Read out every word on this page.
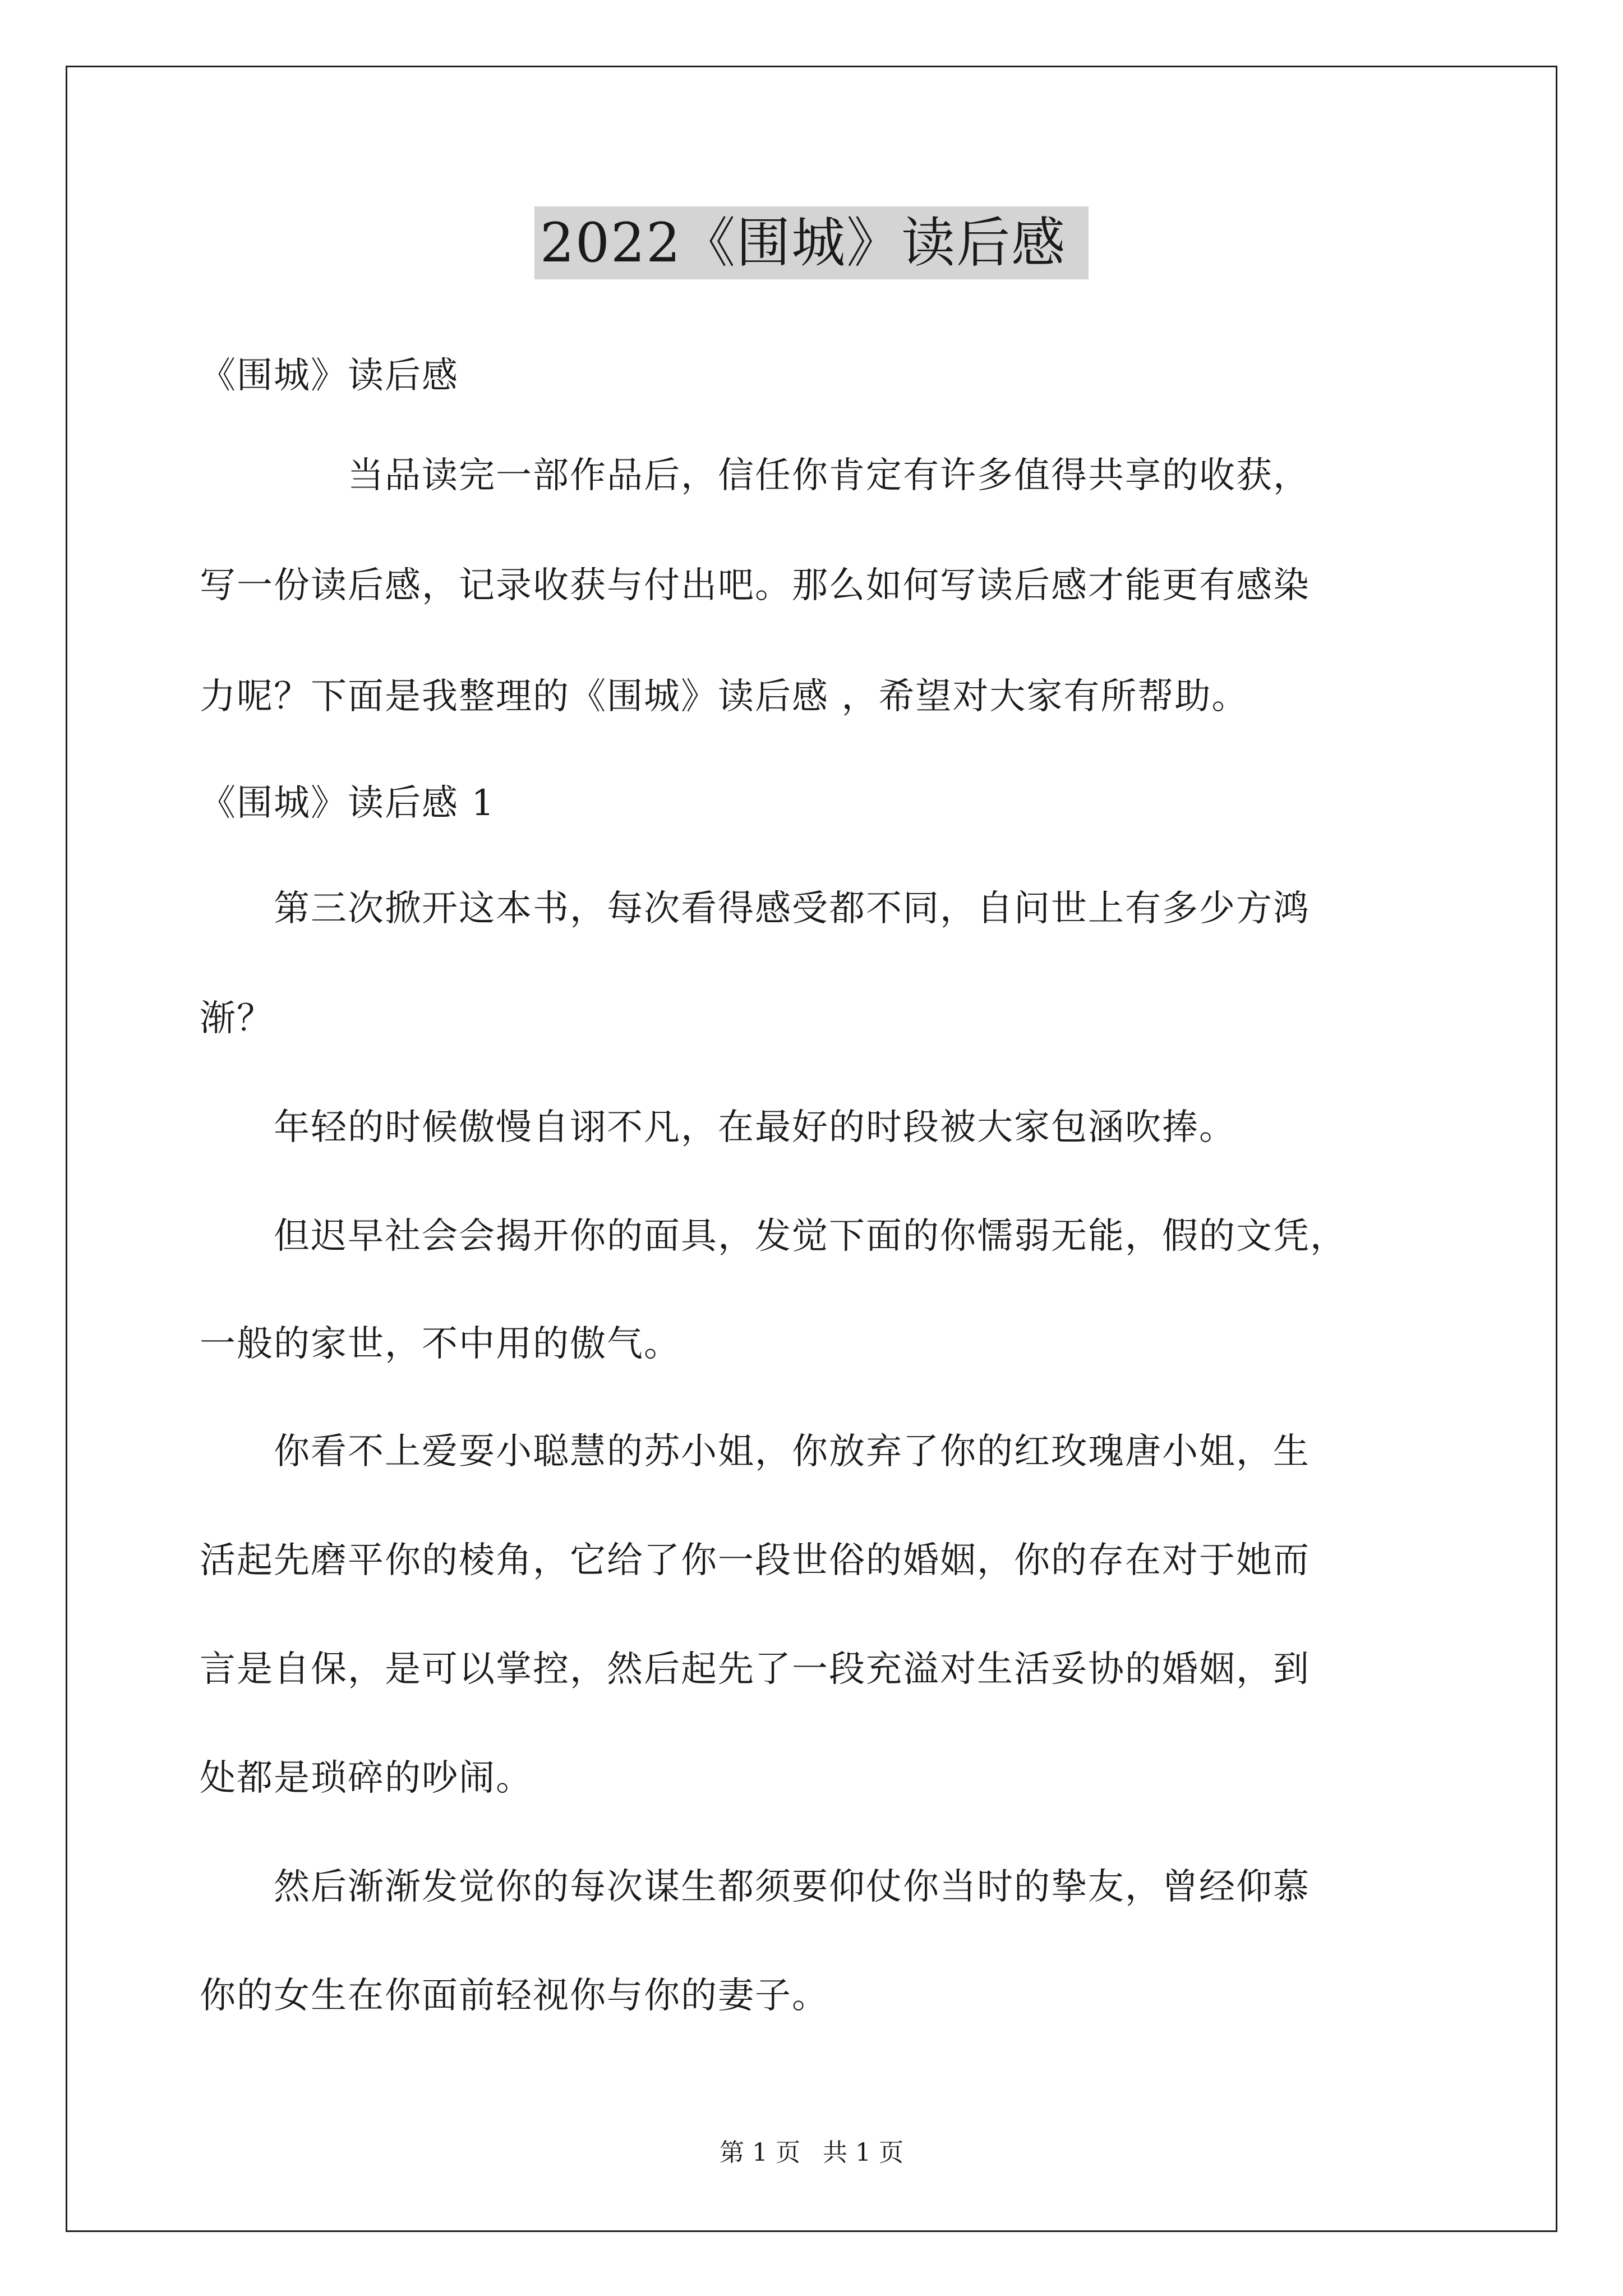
2022《围城》读后感
《围城》读后感
　　　　当品读完一部作品后，信任你肯定有许多值得共享的收获，
写一份读后感，记录收获与付出吧。那么如何写读后感才能更有感染
力呢？下面是我整理的《围城》读后感 ，希望对大家有所帮助。
《围城》读后感 1
　　第三次掀开这本书，每次看得感受都不同，自问世上有多少方鸿
渐？
　　年轻的时候傲慢自诩不凡，在最好的时段被大家包涵吹捧。
　　但迟早社会会揭开你的面具，发觉下面的你懦弱无能，假的文凭，
一般的家世，不中用的傲气。
　　你看不上爱耍小聪慧的苏小姐，你放弃了你的红玫瑰唐小姐，生
活起先磨平你的棱角，它给了你一段世俗的婚姻，你的存在对于她而
言是自保，是可以掌控，然后起先了一段充溢对生活妥协的婚姻，到
处都是琐碎的吵闹。
　　然后渐渐发觉你的每次谋生都须要仰仗你当时的挚友，曾经仰慕
你的女生在你面前轻视你与你的妻子。
第 1 页 共 1 页
